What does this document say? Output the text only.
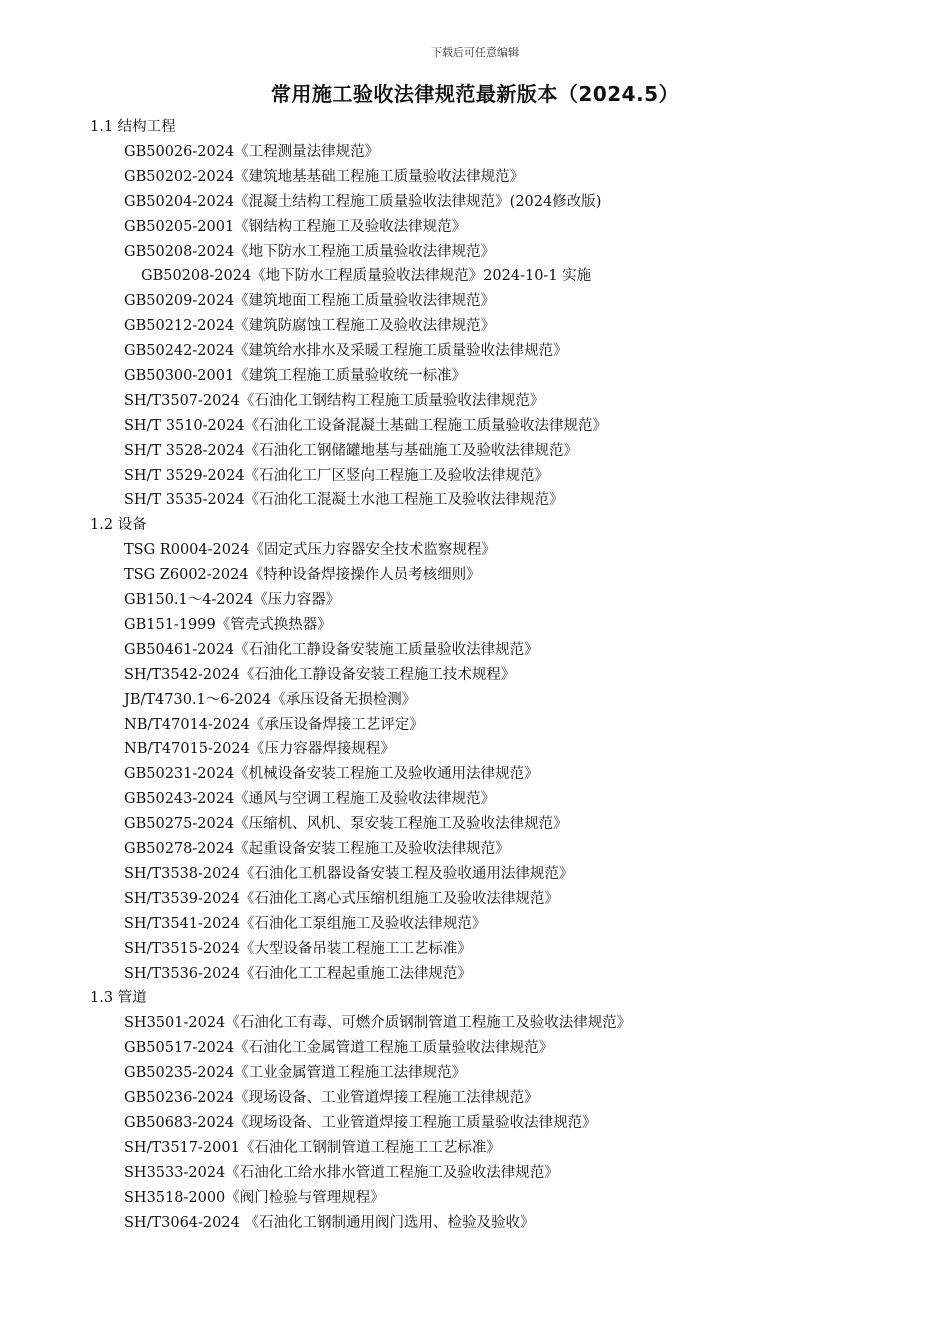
下载后可任意编辑
常用施工验收法律规范最新版本（2024.5）
1.1 结构工程
GB50026-2024《工程测量法律规范》
GB50202-2024《建筑地基基础工程施工质量验收法律规范》
GB50204-2024《混凝土结构工程施工质量验收法律规范》(2024修改版)
GB50205-2001《钢结构工程施工及验收法律规范》
GB50208-2024《地下防水工程施工质量验收法律规范》
GB50208-2024《地下防水工程质量验收法律规范》2024-10-1 实施
GB50209-2024《建筑地面工程施工质量验收法律规范》
GB50212-2024《建筑防腐蚀工程施工及验收法律规范》
GB50242-2024《建筑给水排水及采暖工程施工质量验收法律规范》
GB50300-2001《建筑工程施工质量验收统一标准》
SH/T3507-2024《石油化工钢结构工程施工质量验收法律规范》
SH/T 3510-2024《石油化工设备混凝土基础工程施工质量验收法律规范》
SH/T 3528-2024《石油化工钢储罐地基与基础施工及验收法律规范》
SH/T 3529-2024《石油化工厂区竖向工程施工及验收法律规范》
SH/T 3535-2024《石油化工混凝土水池工程施工及验收法律规范》
1.2 设备
TSG R0004-2024《固定式压力容器安全技术监察规程》
TSG Z6002-2024《特种设备焊接操作人员考核细则》
GB150.1～4-2024《压力容器》
GB151-1999《管壳式换热器》
GB50461-2024《石油化工静设备安装施工质量验收法律规范》
SH/T3542-2024《石油化工静设备安装工程施工技术规程》
JB/T4730.1～6-2024《承压设备无损检测》
NB/T47014-2024《承压设备焊接工艺评定》
NB/T47015-2024《压力容器焊接规程》
GB50231-2024《机械设备安装工程施工及验收通用法律规范》
GB50243-2024《通风与空调工程施工及验收法律规范》
GB50275-2024《压缩机、风机、泵安装工程施工及验收法律规范》
GB50278-2024《起重设备安装工程施工及验收法律规范》
SH/T3538-2024《石油化工机器设备安装工程及验收通用法律规范》
SH/T3539-2024《石油化工离心式压缩机组施工及验收法律规范》
SH/T3541-2024《石油化工泵组施工及验收法律规范》
SH/T3515-2024《大型设备吊装工程施工工艺标准》
SH/T3536-2024《石油化工工程起重施工法律规范》
1.3 管道
SH3501-2024《石油化工有毒、可燃介质钢制管道工程施工及验收法律规范》
GB50517-2024《石油化工金属管道工程施工质量验收法律规范》
GB50235-2024《工业金属管道工程施工法律规范》
GB50236-2024《现场设备、工业管道焊接工程施工法律规范》
GB50683-2024《现场设备、工业管道焊接工程施工质量验收法律规范》
SH/T3517-2001《石油化工钢制管道工程施工工艺标准》
SH3533-2024《石油化工给水排水管道工程施工及验收法律规范》
SH3518-2000《阀门检验与管理规程》
SH/T3064-2024 《石油化工钢制通用阀门选用、检验及验收》
